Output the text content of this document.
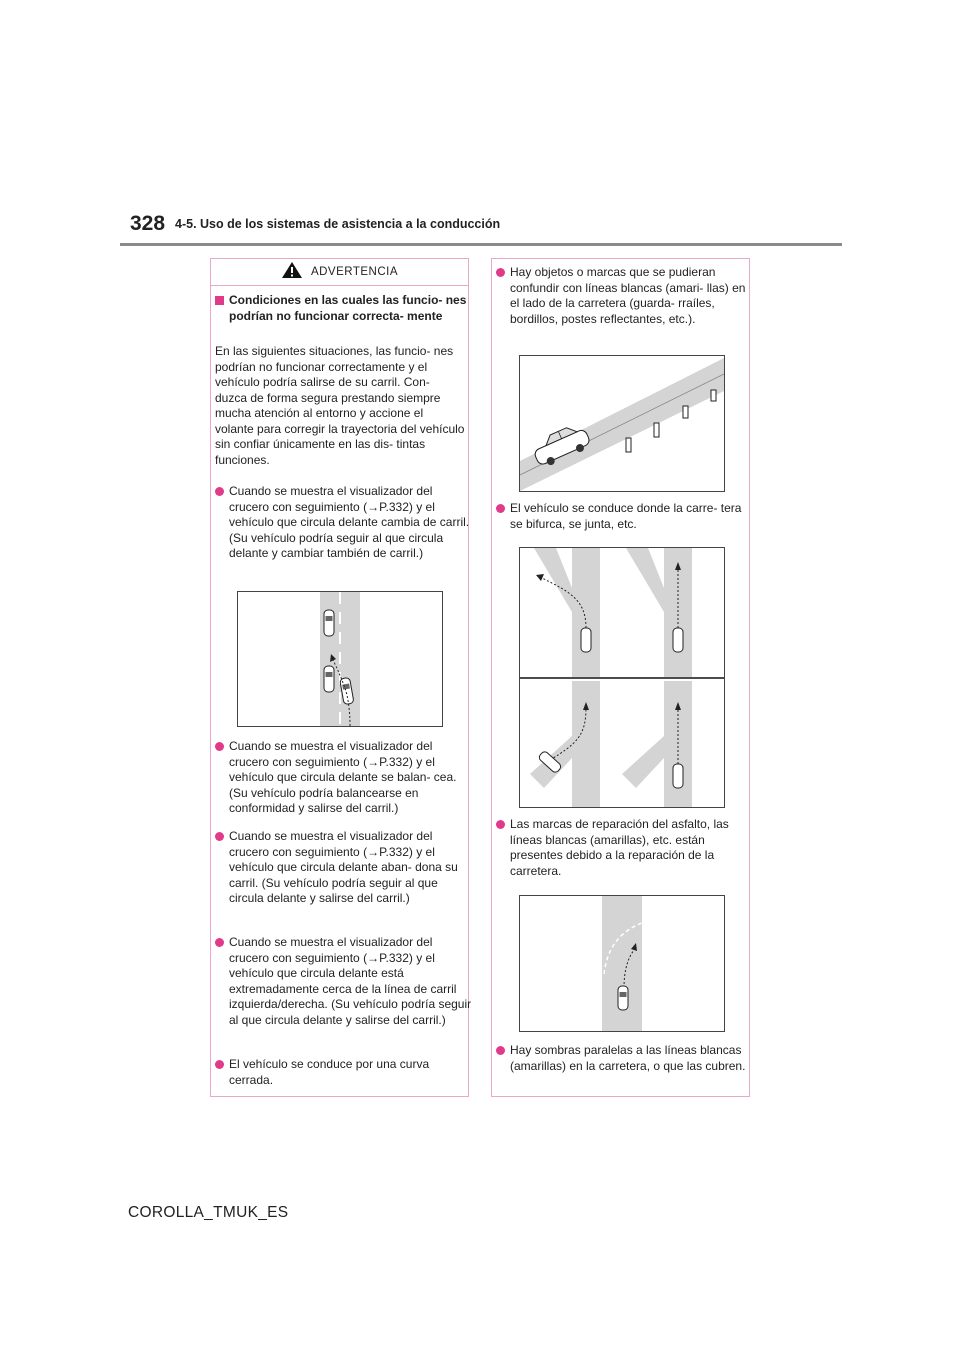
328 4-5. Uso de los sistemas de asistencia a la conducción
ADVERTENCIA
Condiciones en las cuales las funcio- nes podrían no funcionar correcta- mente
En las siguientes situaciones, las funcio- nes podrían no funcionar correctamente y el vehículo podría salirse de su carril. Con- duzca de forma segura prestando siempre mucha atención al entorno y accione el volante para corregir la trayectoria del vehículo sin confiar únicamente en las dis- tintas funciones.
Cuando se muestra el visualizador del crucero con seguimiento (→P.332) y el vehículo que circula delante cambia de carril. (Su vehículo podría seguir al que circula delante y cambiar también de carril.)
Cuando se muestra el visualizador del crucero con seguimiento (→P.332) y el vehículo que circula delante se balan- cea. (Su vehículo podría balancearse en conformidad y salirse del carril.)
Cuando se muestra el visualizador del crucero con seguimiento (→P.332) y el vehículo que circula delante aban- dona su carril. (Su vehículo podría seguir al que circula delante y salirse del carril.)
Cuando se muestra el visualizador del crucero con seguimiento (→P.332) y el vehículo que circula delante está extremadamente cerca de la línea de carril izquierda/derecha. (Su vehículo podría seguir al que circula delante y salirse del carril.)
El vehículo se conduce por una curva cerrada.
Hay objetos o marcas que se pudieran confundir con líneas blancas (amari- llas) en el lado de la carretera (guarda- rraíles, bordillos, postes reflectantes, etc.).
El vehículo se conduce donde la carre- tera se bifurca, se junta, etc.
Las marcas de reparación del asfalto, las líneas blancas (amarillas), etc. están presentes debido a la reparación de la carretera.
Hay sombras paralelas a las líneas blancas (amarillas) en la carretera, o que las cubren.
COROLLA_TMUK_ES
